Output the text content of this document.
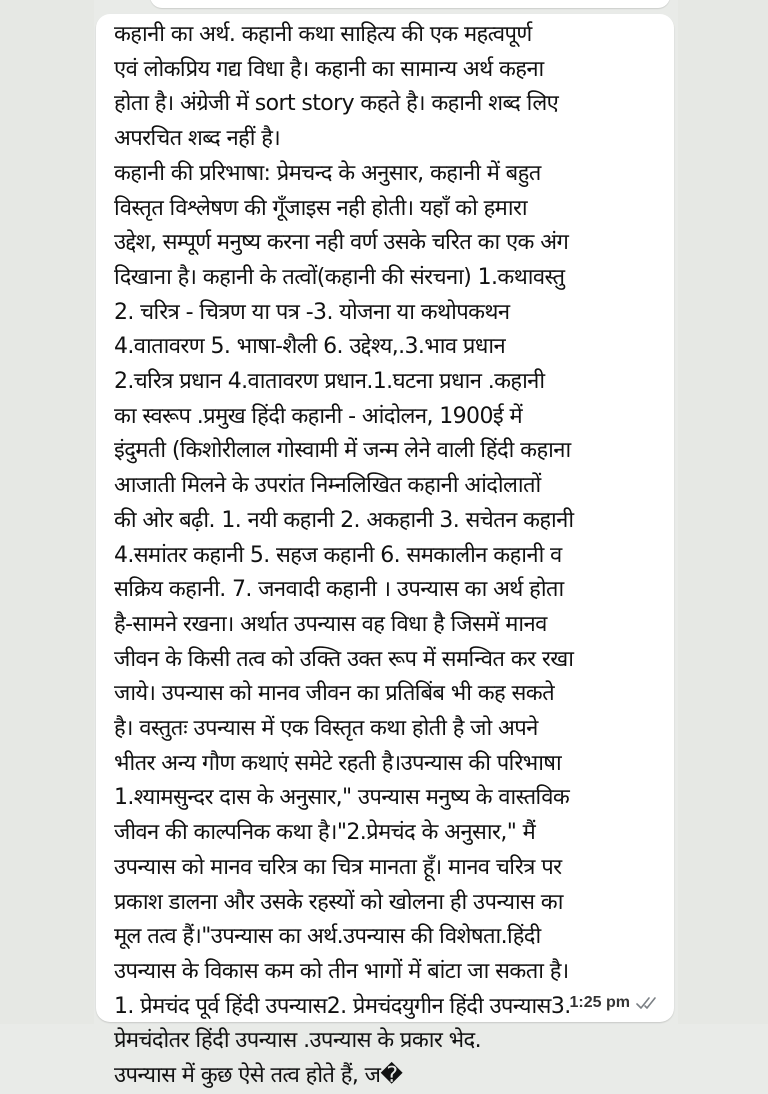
कहानी का अर्थ. कहानी कथा साहित्य की एक महत्वपूर्ण
एवं लोकप्रिय गद्य विधा है। कहानी का सामान्य अर्थ कहना
होता है। अंग्रेजी में sort story कहते है। कहानी शब्द लिए
अपरचित शब्द नहीं है।
कहानी की प्ररिभाषा: प्रेमचन्द के अनुसार, कहानी में बहुत
विस्तृत विश्लेषण की गूँजाइस नही होती। यहाँ को हमारा
उद्देश, सम्पूर्ण मनुष्य करना नही वर्ण उसके चरित का एक अंग
दिखाना है। कहानी के तत्वों(कहानी की संरचना) 1.कथावस्तु
2. चरित्र - चित्रण या पत्र -3. योजना या कथोपकथन
4.वातावरण 5. भाषा-शैली 6. उद्देश्य,.3.भाव प्रधान
2.चरित्र प्रधान 4.वातावरण प्रधान.1.घटना प्रधान .कहानी
का स्वरूप .प्रमुख हिंदी कहानी - आंदोलन, 1900ई में
इंदुमती (किशोरीलाल गोस्वामी में जन्म लेने वाली हिंदी कहाना
आजाती मिलने के उपरांत निम्नलिखित कहानी आंदोलातों
की ओर बढ़ी. 1. नयी कहानी 2. अकहानी 3. सचेतन कहानी
4.समांतर कहानी 5. सहज कहानी 6. समकालीन कहानी व
सक्रिय कहानी. 7. जनवादी कहानी । उपन्यास का अर्थ होता
है-सामने रखना। अर्थात उपन्यास वह विधा है जिसमें मानव
जीवन के किसी तत्व को उक्ति उक्त रूप में समन्वित कर रखा
जाये। उपन्यास को मानव जीवन का प्रतिबिंब भी कह सकते
है। वस्तुतः उपन्यास में एक विस्तृत कथा होती है जो अपने
भीतर अन्य गौण कथाएं समेटे रहती है।उपन्यास की परिभाषा
1.श्यामसुन्दर दास के अनुसार," उपन्यास मनुष्य के वास्तविक
जीवन की काल्पनिक कथा है।"2.प्रेमचंद के अनुसार," मैं
उपन्यास को मानव चरित्र का चित्र मानता हूँ। मानव चरित्र पर
प्रकाश डालना और उसके रहस्यों को खोलना ही उपन्यास का
मूल तत्व हैं।"उपन्यास का अर्थ.उपन्यास की विशेषता.हिंदी
उपन्यास के विकास कम को तीन भागों में बांटा जा सकता है।
1. प्रेमचंद पूर्व हिंदी उपन्यास2. प्रेमचंदयुगीन हिंदी उपन्यास3.
प्रेमचंदोतर हिंदी उपन्यास .उपन्यास के प्रकार भेद.
उपन्यास में कुछ ऐसे तत्व होते हैं, ज�
1:25 pm
